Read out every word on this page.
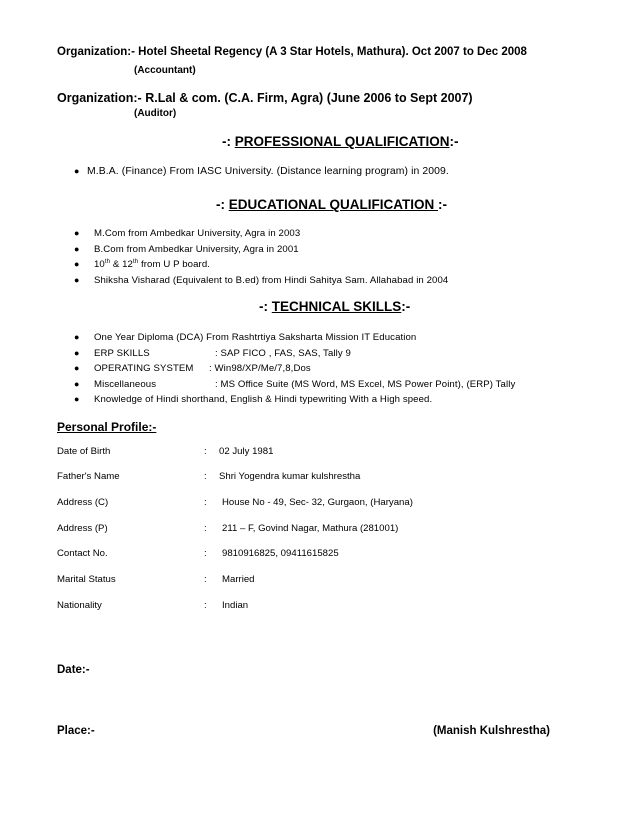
Organization:- Hotel Sheetal Regency (A 3 Star Hotels, Mathura). Oct 2007 to Dec 2008
(Accountant)
Organization:- R.Lal & com. (C.A. Firm, Agra) (June 2006 to Sept 2007)
(Auditor)
-: PROFESSIONAL QUALIFICATION:-
● M.B.A. (Finance) From IASC University. (Distance learning program) in 2009.
-: EDUCATIONAL QUALIFICATION :-
● M.Com from Ambedkar University, Agra in 2003
● B.Com from Ambedkar University, Agra in 2001
● 10th & 12th from U P board.
● Shiksha Visharad (Equivalent to B.ed) from Hindi Sahitya Sam. Allahabad in 2004
-: TECHNICAL SKILLS:-
● One Year Diploma (DCA) From Rashtrtiya Saksharta Mission IT Education
● ERP SKILLS	: SAP FICO , FAS, SAS, Tally 9
● OPERATING SYSTEM : Win98/XP/Me/7,8,Dos
● Miscellaneous	: MS Office Suite (MS Word, MS Excel, MS Power Point), (ERP) Tally
● Knowledge of Hindi shorthand, English & Hindi typewriting With a High speed.
Personal Profile:-
Date of Birth	: 02 July 1981
Father's Name	: Shri Yogendra kumar kulshrestha
Address (C)	: House No - 49, Sec- 32, Gurgaon, (Haryana)
Address (P)	: 211 – F, Govind Nagar, Mathura (281001)
Contact No.	: 9810916825, 09411615825
Marital Status	: Married
Nationality	: Indian
Date:-
Place:-	(Manish Kulshrestha)
